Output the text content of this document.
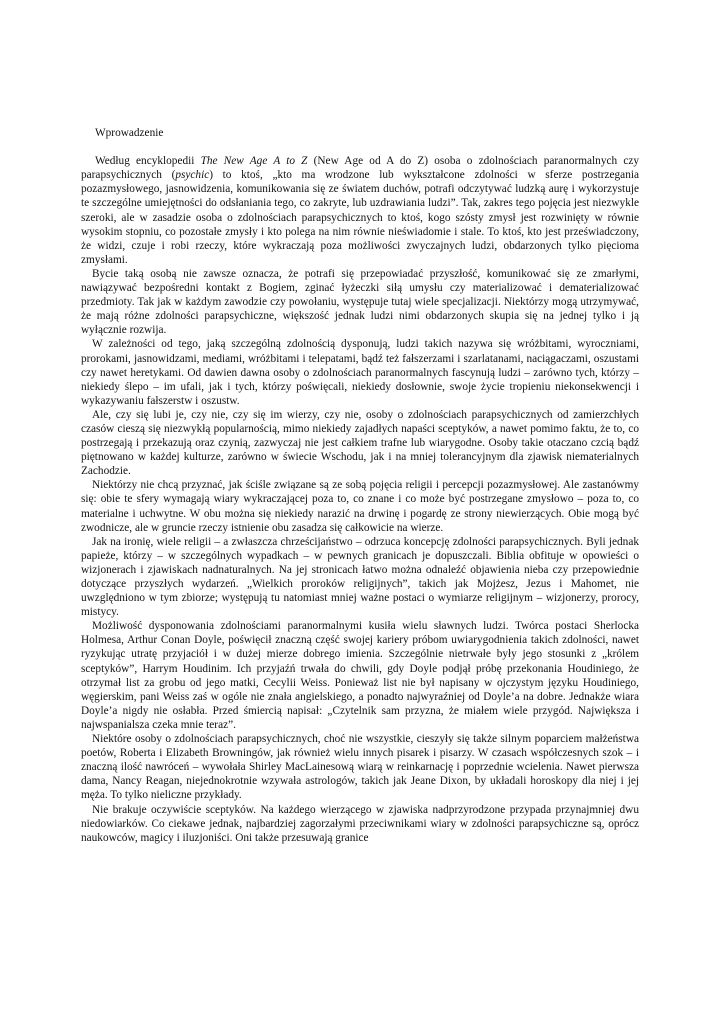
Wprowadzenie

Według encyklopedii The New Age A to Z (New Age od A do Z) osoba o zdolnościach paranormalnych czy parapsychicznych (psychic) to ktoś, „kto ma wrodzone lub wykształcone zdolności w sferze postrzegania pozazmysłowego, jasnowidzenia, komunikowania się ze światem duchów, potrafi odczytywać ludzką aurę i wykorzystuje te szczególne umiejętności do odsłaniania tego, co zakryte, lub uzdrawiania ludzi”. Tak, zakres tego pojęcia jest niezwykle szeroki, ale w zasadzie osoba o zdolnościach parapsychicznych to ktoś, kogo szósty zmysł jest rozwinięty w równie wysokim stopniu, co pozostałe zmysły i kto polega na nim równie nieświadomie i stale. To ktoś, kto jest przeświadczony, że widzi, czuje i robi rzeczy, które wykraczają poza możliwości zwyczajnych ludzi, obdarzonych tylko pięcioma zmysłami.

Bycie taką osobą nie zawsze oznacza, że potrafi się przepowiadać przyszłość, komunikować się ze zmarłymi, nawiązywać bezpośredni kontakt z Bogiem, zginać łyżeczki siłą umysłu czy materializować i dematerializować przedmioty. Tak jak w każdym zawodzie czy powołaniu, występuje tutaj wiele specjalizacji. Niektórzy mogą utrzymywać, że mają różne zdolności parapsychiczne, większość jednak ludzi nimi obdarzonych skupia się na jednej tylko i ją wyłącznie rozwija.

W zależności od tego, jaką szczególną zdolnością dysponują, ludzi takich nazywa się wróżbitami, wyroczniami, prorokami, jasnowidzami, mediami, wróżbitami i telepatami, bądź też fałszerzami i szarlatanami, naciągaczami, oszustami czy nawet heretykami. Od dawien dawna osoby o zdolnościach paranormalnych fascynują ludzi – zarówno tych, którzy – niekiedy ślepo – im ufali, jak i tych, którzy poświęcali, niekiedy dosłownie, swoje życie tropieniu niekonsekwencji i wykazywaniu fałszerstw i oszustw.

Ale, czy się lubi je, czy nie, czy się im wierzy, czy nie, osoby o zdolnościach parapsychicznych od zamierzchłych czasów cieszą się niezwykłą popularnością, mimo niekiedy zajadłych napaści sceptyków, a nawet pomimo faktu, że to, co postrzegają i przekazują oraz czynią, zazwyczaj nie jest całkiem trafne lub wiarygodne. Osoby takie otaczano czcią bądź piętnowano w każdej kulturze, zarówno w świecie Wschodu, jak i na mniej tolerancyjnym dla zjawisk niematerialnych Zachodzie.

Niektórzy nie chcą przyznać, jak ściśle związane są ze sobą pojęcia religii i percepcji pozazmysłowej. Ale zastanówmy się: obie te sfery wymagają wiary wykraczającej poza to, co znane i co może być postrzegane zmysłowo – poza to, co materialne i uchwytne. W obu można się niekiedy narazić na drwinę i pogardę ze strony niewierzących. Obie mogą być zwodnicze, ale w gruncie rzeczy istnienie obu zasadza się całkowicie na wierze.

Jak na ironię, wiele religii – a zwłaszcza chrześcijaństwo – odrzuca koncepcję zdolności parapsychicznych. Byli jednak papieże, którzy – w szczególnych wypadkach – w pewnych granicach je dopuszczali. Biblia obfituje w opowieści o wizjonerach i zjawiskach nadnaturalnych. Na jej stronicach łatwo można odnaleźć objawienia nieba czy przepowiednie dotyczące przyszłych wydarzeń. „Wielkich proroków religijnych”, takich jak Mojżesz, Jezus i Mahomet, nie uwzględniono w tym zbiorze; występują tu natomiast mniej ważne postaci o wymiarze religijnym – wizjonerzy, prorocy, mistycy.

Możliwość dysponowania zdolnościami paranormalnymi kusiła wielu sławnych ludzi. Twórca postaci Sherlocka Holmesa, Arthur Conan Doyle, poświęcił znaczną część swojej kariery próbom uwiarygodnienia takich zdolności, nawet ryzykując utratę przyjaciół i w dużej mierze dobrego imienia. Szczególnie nietrwałe były jego stosunki z „królem sceptyków”, Harrym Houdinim. Ich przyjaźń trwała do chwili, gdy Doyle podjął próbę przekonania Houdiniego, że otrzymał list za grobu od jego matki, Cecylii Weiss. Ponieważ list nie był napisany w ojczystym języku Houdiniego, węgierskim, pani Weiss zaś w ogóle nie znała angielskiego, a ponadto najwyraźniej od Doyle’a na dobre. Jednakże wiara Doyle’a nigdy nie osłabła. Przed śmiercią napisał: „Czytelnik sam przyzna, że miałem wiele przygód. Największa i najwspanialsza czeka mnie teraz”.

Niektóre osoby o zdolnościach parapsychicznych, choć nie wszystkie, cieszyły się także silnym poparciem małżeństwa poetów, Roberta i Elizabeth Browningów, jak również wielu innych pisarek i pisarzy. W czasach współczesnych szok – i znaczną ilość nawróceń – wywołała Shirley MacLainesową wiarą w reinkarnację i poprzednie wcielenia. Nawet pierwsza dama, Nancy Reagan, niejednokrotnie wzywała astrologów, takich jak Jeane Dixon, by układali horoskopy dla niej i jej męża. To tylko nieliczne przykłady.

Nie brakuje oczywiście sceptyków. Na każdego wierzącego w zjawiska nadprzyrodzone przypada przynajmniej dwu niedowiarków. Co ciekawe jednak, najbardziej zagorzałymi przeciwnikami wiary w zdolności parapsychiczne są, oprócz naukowców, magicy i iluzjoniści. Oni także przesuwają granice
